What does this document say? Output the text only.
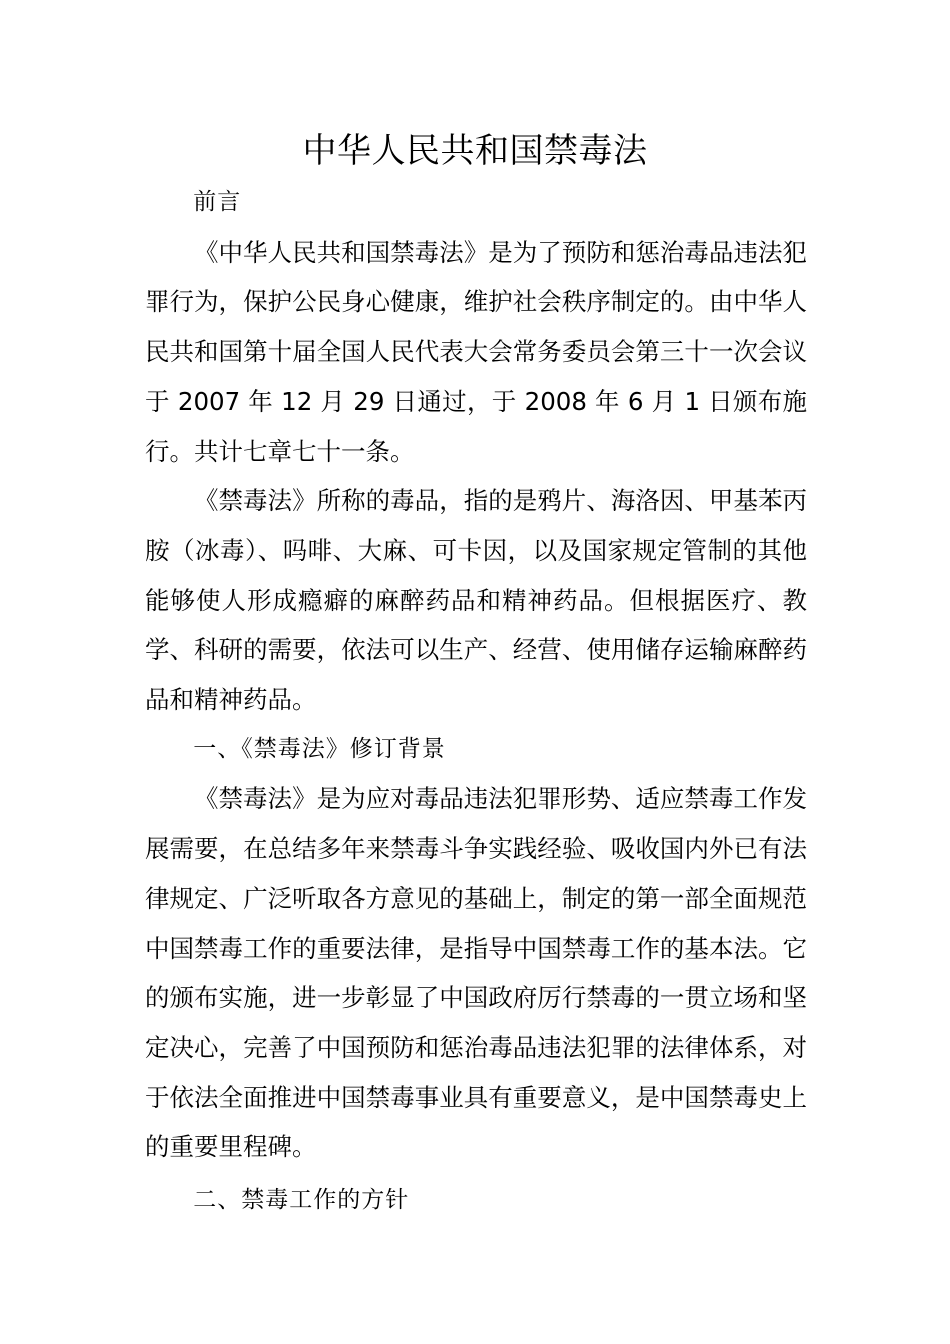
中华人民共和国禁毒法

前言

《中华人民共和国禁毒法》是为了预防和惩治毒品违法犯罪行为，保护公民身心健康，维护社会秩序制定的。由中华人民共和国第十届全国人民代表大会常务委员会第三十一次会议于 2007 年 12 月 29 日通过，于 2008 年 6 月 1 日颁布施行。共计七章七十一条。

《禁毒法》所称的毒品，指的是鸦片、海洛因、甲基苯丙胺（冰毒）、吗啡、大麻、可卡因，以及国家规定管制的其他能够使人形成瘾癖的麻醉药品和精神药品。但根据医疗、教学、科研的需要，依法可以生产、经营、使用储存运输麻醉药品和精神药品。

一、《禁毒法》修订背景

《禁毒法》是为应对毒品违法犯罪形势、适应禁毒工作发展需要，在总结多年来禁毒斗争实践经验、吸收国内外已有法律规定、广泛听取各方意见的基础上，制定的第一部全面规范中国禁毒工作的重要法律，是指导中国禁毒工作的基本法。它的颁布实施，进一步彰显了中国政府厉行禁毒的一贯立场和坚定决心，完善了中国预防和惩治毒品违法犯罪的法律体系，对于依法全面推进中国禁毒事业具有重要意义，是中国禁毒史上的重要里程碑。

二、禁毒工作的方针
